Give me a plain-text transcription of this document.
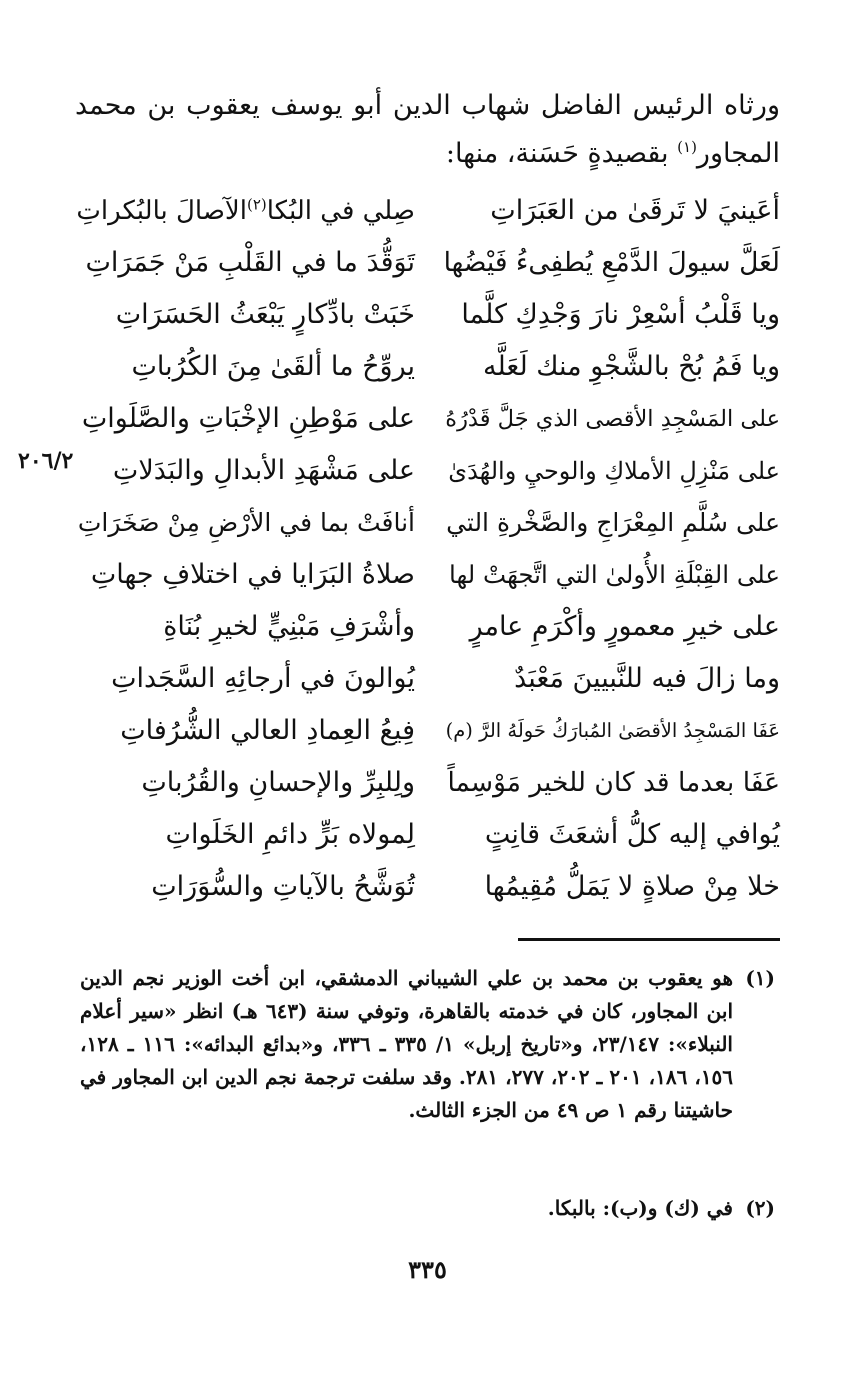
ورثاه الرئيس الفاضل شهاب الدين أبو يوسف يعقوب بن محمد
المجاور$^{(١)}$ بقصيدةٍ حَسَنة، منها:
أعَينيَ لا تَرقَىٰ من العَبَرَاتِ
صِلي في البُكا$^{(٢)}$الآصالَ بالبُكراتِ
لَعَلَّ سيولَ الدَّمْعِ يُطفِىءُ فَيْضُها
تَوَقُّدَ ما في القَلْبِ مَنْ جَمَرَاتِ
ويا قَلْبُ أسْعِرْ نارَ وَجْدِكِ كلَّما
خَبَتْ بادِّكارٍ يَبْعَثُ الحَسَرَاتِ
ويا فَمُ بُحْ بالشَّجْوِ منك لَعَلَّه
يروِّحُ ما ألقَىٰ مِنَ الكُرُباتِ
على المَسْجِدِ الأقصى الذي جَلَّ قَدْرُهُ
على مَوْطِنِ الإخْبَاتِ والصَّلَواتِ
على مَنْزِلِ الأملاكِ والوحيِ والهُدَىٰ
على مَشْهَدِ الأبدالِ والبَدَلاتِ
على سُلَّمِ المِعْرَاجِ والصَّخْرةِ التي
أنافَتْ بما في الأرْضِ مِنْ صَخَرَاتِ
على القِبْلَةِ الأُولىٰ التي اتَّجهَتْ لها
صلاةُ البَرَايا في اختلافِ جهاتِ
على خيرِ معمورٍ وأكْرَمِ عامرٍ
وأشْرَفِ مَبْنِيٍّ لخيرِ بُنَاةِ
وما زالَ فيه للنَّبيينَ مَعْبَدٌ
يُوالونَ في أرجائِهِ السَّجَداتِ
عَفَا المَسْجِدُ الأقصَىٰ المُبارَكُ حَولَهُ الرَّ (م)
فِيعُ العِمادِ العالي الشُّرُفاتِ
عَفَا بعدما قد كان للخير مَوْسِماً
ولِلبِرِّ والإحسانِ والقُرُباتِ
يُوافي إليه كلُّ أشعَثَ قانِتٍ
لِمولاه بَرٍّ دائمِ الخَلَواتِ
خلا مِنْ صلاةٍ لا يَمَلُّ مُقِيمُها
تُوَشَّحُ بالآياتِ والسُّوَرَاتِ
٢٠٦/٢
(١)
هو يعقوب بن محمد بن علي الشيباني الدمشقي، ابن أخت الوزير نجم الدين ابن المجاور، كان في خدمته بالقاهرة، وتوفي سنة (٦٤٣ هـ) انظر «سير أعلام النبلاء»: ٢٣/١٤٧، و«تاريخ إربل» ١/ ٣٣٥ ـ ٣٣٦، و«بدائع البدائه»: ١١٦ ـ ١٢٨، ١٥٦، ١٨٦، ٢٠١ ـ ٢٠٢، ٢٧٧، ٢٨١. وقد سلفت ترجمة نجم الدين ابن المجاور في حاشيتنا رقم ١ ص ٤٩ من الجزء الثالث.
(٢)
في (ك) و(ب): بالبكا.
٣٣٥
